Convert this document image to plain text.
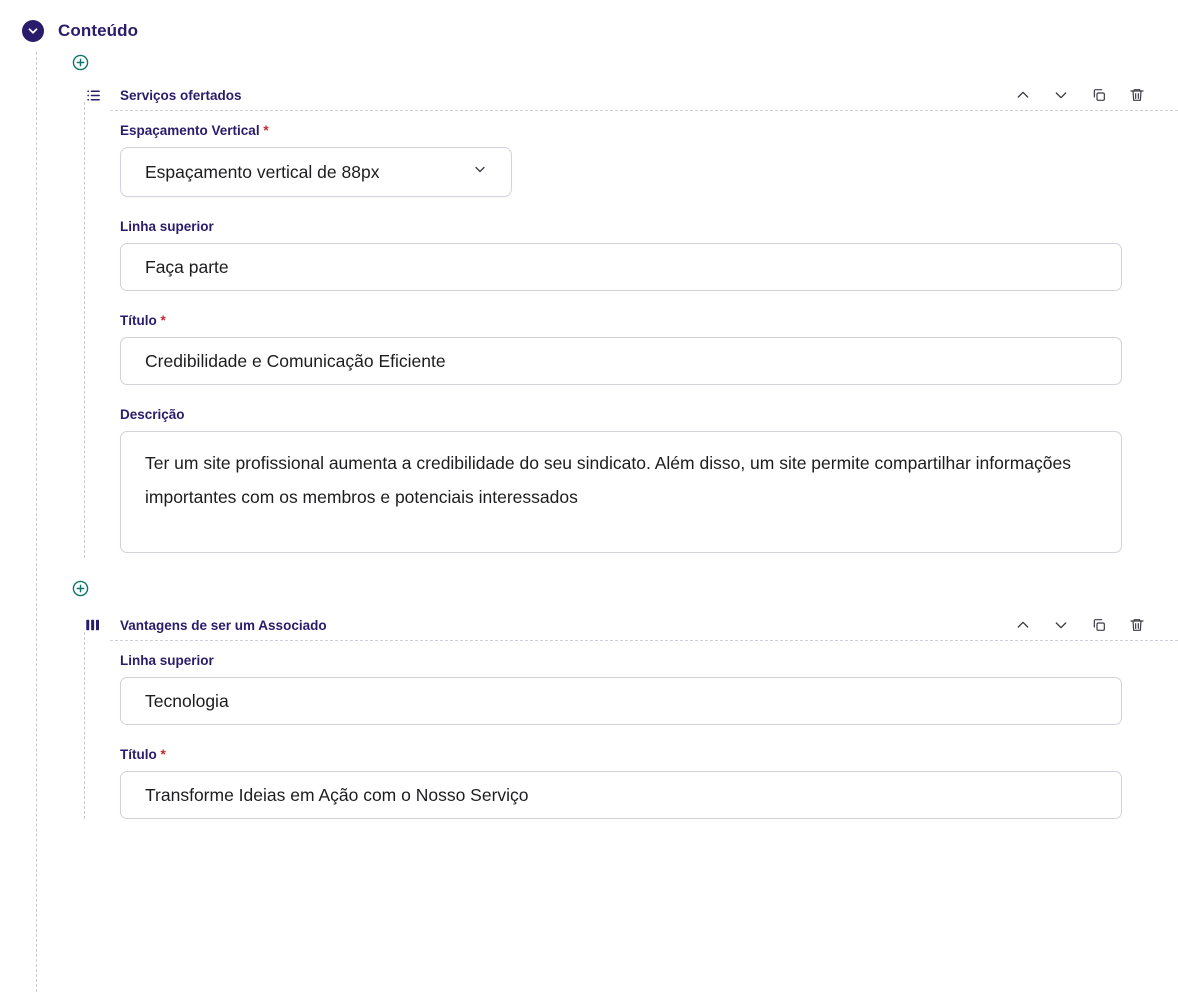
Conteúdo
Serviços ofertados
Espaçamento Vertical *
Espaçamento vertical de 88px
Linha superior
Faça parte
Título *
Credibilidade e Comunicação Eficiente
Descrição
Ter um site profissional aumenta a credibilidade do seu sindicato. Além disso, um site permite compartilhar informações importantes com os membros e potenciais interessados
Vantagens de ser um Associado
Linha superior
Tecnologia
Título *
Transforme Ideias em Ação com o Nosso Serviço
